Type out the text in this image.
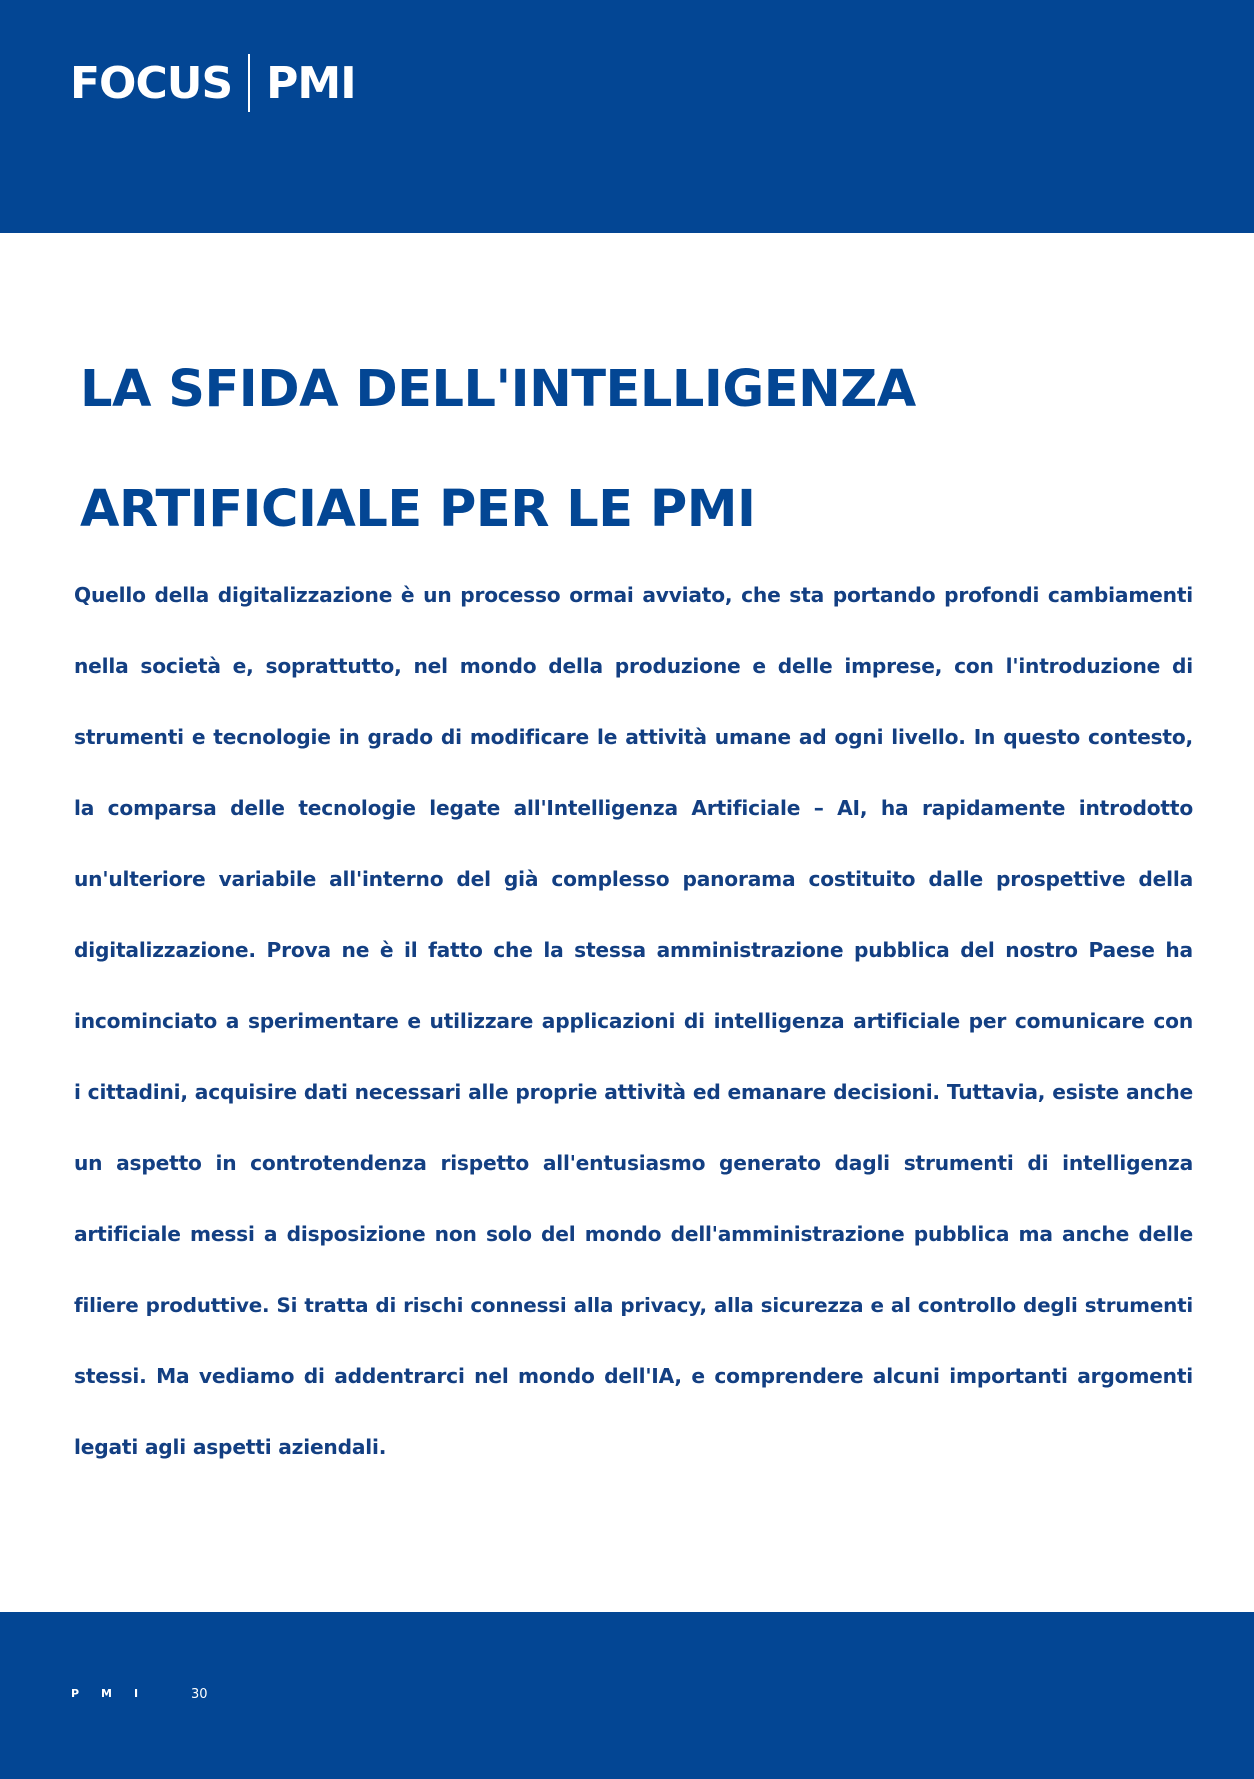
FOCUS PMI
LA SFIDA DELL'INTELLIGENZA
ARTIFICIALE PER LE PMI
Quello della digitalizzazione è un processo ormai avviato, che sta portando profondi cambiamenti
nella società e, soprattutto, nel mondo della produzione e delle imprese, con l'introduzione di
strumenti e tecnologie in grado di modificare le attività umane ad ogni livello. In questo contesto,
la comparsa delle tecnologie legate all'Intelligenza Artificiale – AI, ha rapidamente introdotto
un'ulteriore variabile all'interno del già complesso panorama costituito dalle prospettive della
digitalizzazione. Prova ne è il fatto che la stessa amministrazione pubblica del nostro Paese ha
incominciato a sperimentare e utilizzare applicazioni di intelligenza artificiale per comunicare con
i cittadini, acquisire dati necessari alle proprie attività ed emanare decisioni. Tuttavia, esiste anche
un aspetto in controtendenza rispetto all'entusiasmo generato dagli strumenti di intelligenza
artificiale messi a disposizione non solo del mondo dell'amministrazione pubblica ma anche delle
filiere produttive. Si tratta di rischi connessi alla privacy, alla sicurezza e al controllo degli strumenti
stessi. Ma vediamo di addentrarci nel mondo dell'IA, e comprendere alcuni importanti argomenti
legati agli aspetti aziendali.
PMI 30
